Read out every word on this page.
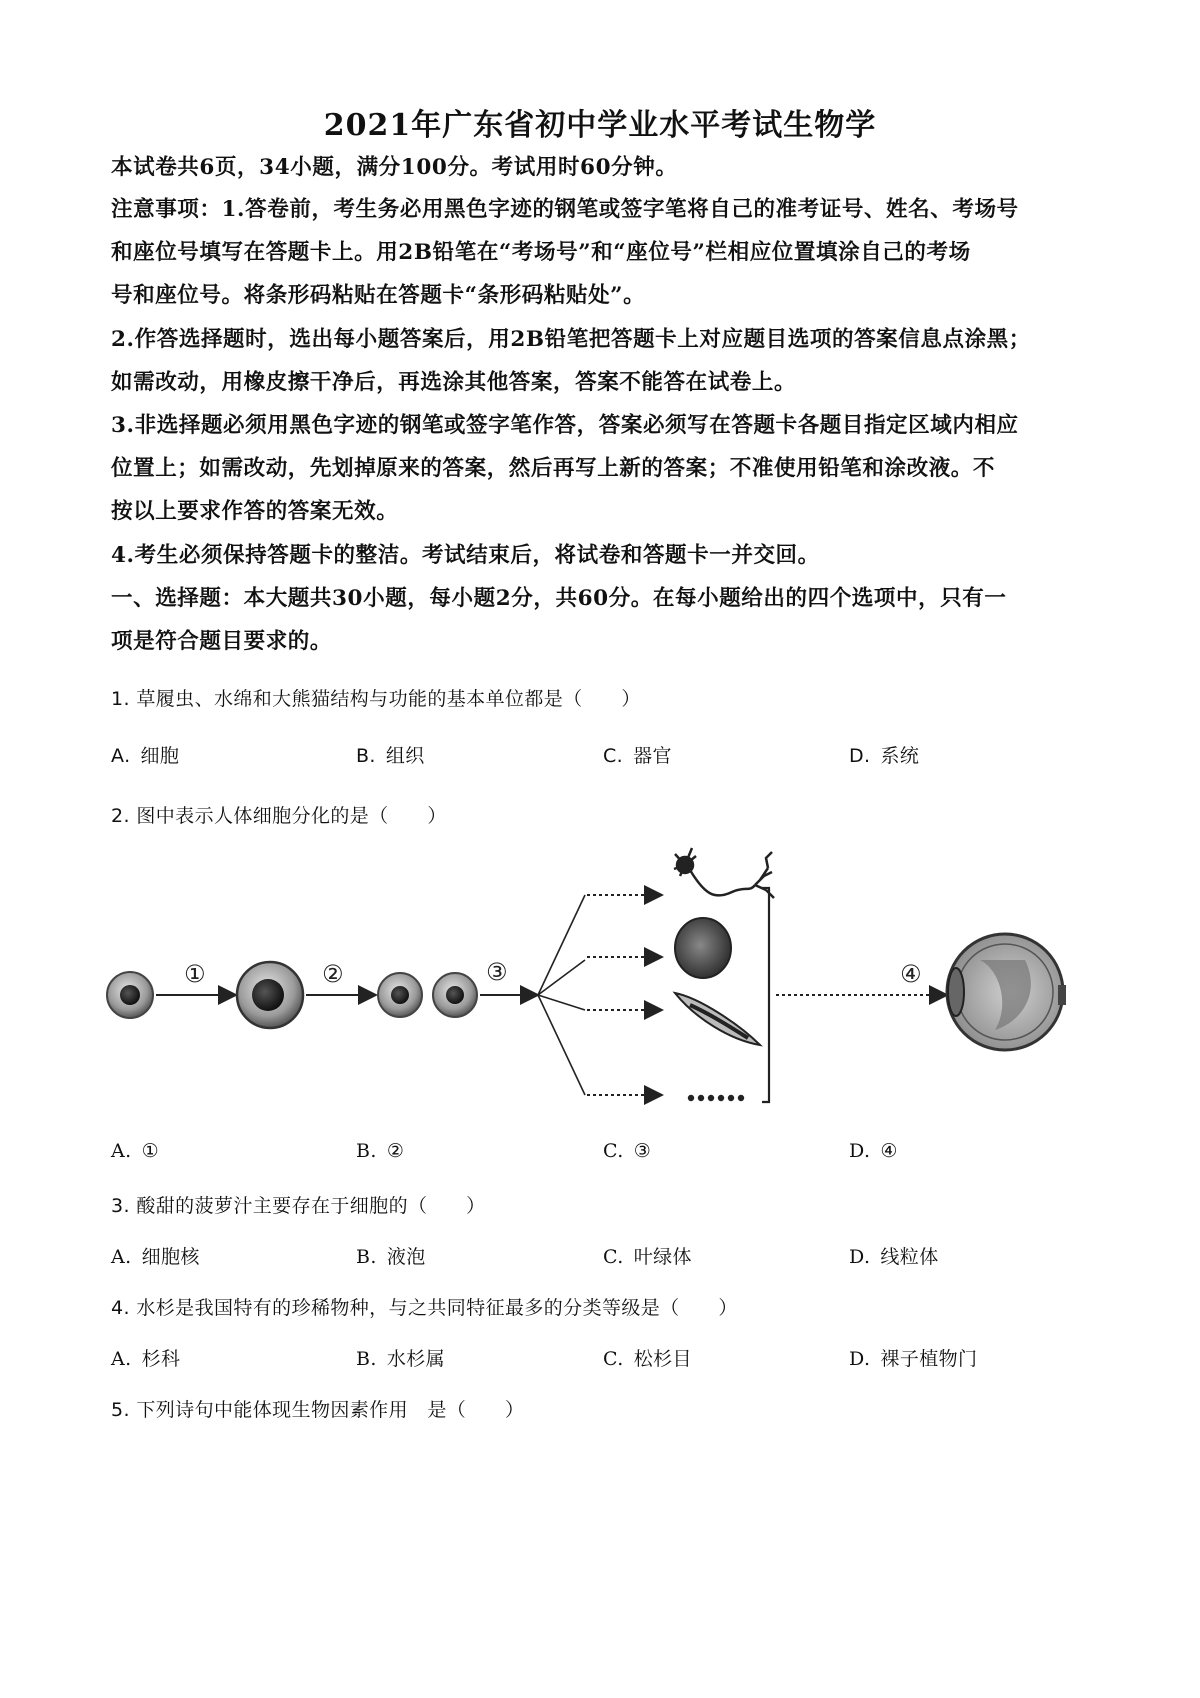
2021年广东省初中学业水平考试生物学
本试卷共6页，34小题，满分100分。考试用时60分钟。
注意事项：1.答卷前，考生务必用黑色字迹的钢笔或签字笔将自己的准考证号、姓名、考场号
和座位号填写在答题卡上。用2B铅笔在“考场号”和“座位号”栏相应位置填涂自己的考场
号和座位号。将条形码粘贴在答题卡“条形码粘贴处”。
2.作答选择题时，选出每小题答案后，用2B铅笔把答题卡上对应题目选项的答案信息点涂黑；
如需改动，用橡皮擦干净后，再选涂其他答案，答案不能答在试卷上。
3.非选择题必须用黑色字迹的钢笔或签字笔作答，答案必须写在答题卡各题目指定区域内相应
位置上；如需改动，先划掉原来的答案，然后再写上新的答案；不准使用铅笔和涂改液。不
按以上要求作答的答案无效。
4.考生必须保持答题卡的整洁。考试结束后，将试卷和答题卡一并交回。
一、选择题：本大题共30小题，每小题2分，共60分。在每小题给出的四个选项中，只有一
项是符合题目要求的。
1. 草履虫、水绵和大熊猫结构与功能的基本单位都是（　　）
A. 细胞	B. 组织	C. 器官	D. 系统
2. 图中表示人体细胞分化的是（　　）
①	②	③	④
A. ①	B. ②	C. ③	D. ④
3. 酸甜的菠萝汁主要存在于细胞的（　　）
A. 细胞核	B. 液泡	C. 叶绿体	D. 线粒体
4. 水杉是我国特有的珍稀物种，与之共同特征最多的分类等级是（　　）
A. 杉科	B. 水杉属	C. 松杉目	D. 裸子植物门
5. 下列诗句中能体现生物因素作用　是（　　）
